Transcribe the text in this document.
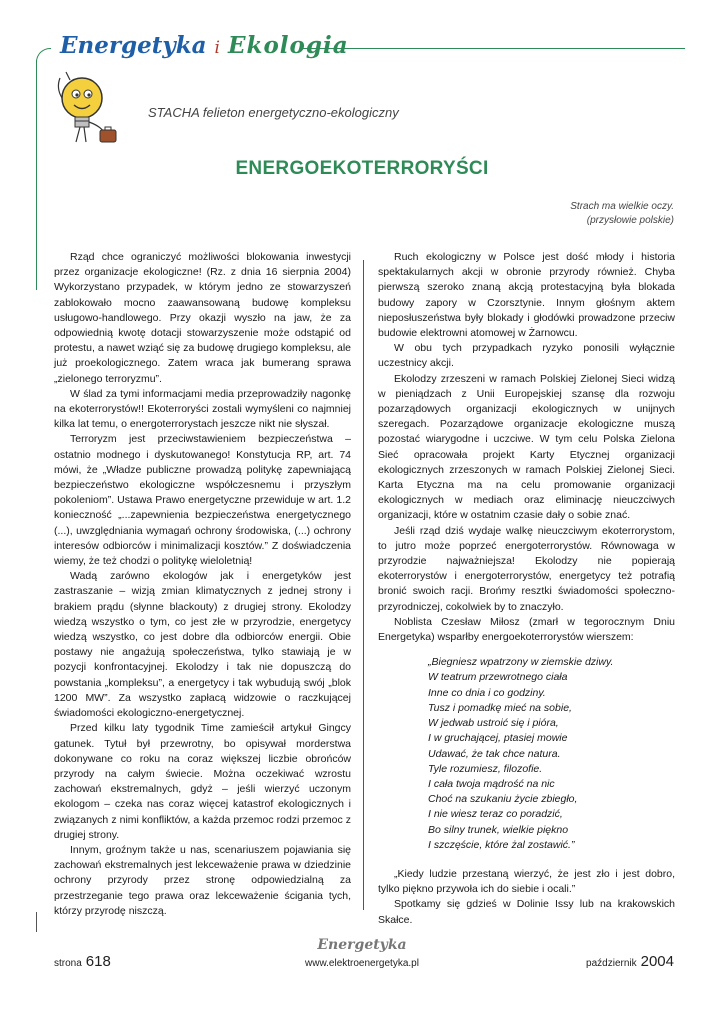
Energetyka i Ekologia
STACHA felieton energetyczno-ekologiczny
ENERGOEKOTERRORYŚCI
Strach ma wielkie oczy.
(przysłowie polskie)

Rząd chce ograniczyć możliwości blokowania inwestycji przez organizacje ekologiczne! (Rz. z dnia 16 sierpnia 2004) Wykorzystano przypadek, w którym jedno ze stowarzyszeń zablokowało mocno zaawansowaną budowę kompleksu usługowo-handlowego. Przy okazji wyszło na jaw, że za odpowiednią kwotę dotacji stowarzyszenie może odstąpić od protestu, a nawet wziąć się za budowę drugiego kompleksu, ale już proekologicznego. Zatem wraca jak bumerang sprawa „zielonego terroryzmu”.

W ślad za tymi informacjami media przeprowadziły nagonkę na ekoterrorystów!! Ekoterroryści zostali wymyśleni co najmniej kilka lat temu, o energoterrorystach jeszcze nikt nie słyszał.

Terroryzm jest przeciwstawieniem bezpieczeństwa – ostatnio modnego i dyskutowanego! Konstytucja RP, art. 74 mówi, że „Władze publiczne prowadzą politykę zapewniającą bezpieczeństwo ekologiczne współczesnemu i przyszłym pokoleniom”. Ustawa Prawo energetyczne przewiduje w art. 1.2 konieczność „...zapewnienia bezpieczeństwa energetycznego (...), uwzględniania wymagań ochrony środowiska, (...) ochrony interesów odbiorców i minimalizacji kosztów.” Z doświadczenia wiemy, że też chodzi o politykę wieloletnią!

Wadą zarówno ekologów jak i energetyków jest zastraszanie – wizją zmian klimatycznych z jednej strony i brakiem prądu (słynne blackouty) z drugiej strony. Ekolodzy wiedzą wszystko o tym, co jest złe w przyrodzie, energetycy wiedzą wszystko, co jest dobre dla odbiorców energii. Obie postawy nie angażują społeczeństwa, tylko stawiają je w pozycji konfrontacyjnej. Ekolodzy i tak nie dopuszczą do powstania „kompleksu”, a energetycy i tak wybudują swój „blok 1200 MW”. Za wszystko zapłacą widzowie o raczkującej świadomości ekologiczno-energetycznej.

Przed kilku laty tygodnik Time zamieścił artykuł Gingcy gatunek. Tytuł był przewrotny, bo opisywał morderstwa dokonywane co roku na coraz większej liczbie obrońców przyrody na całym świecie. Można oczekiwać wzrostu zachowań ekstremalnych, gdyż – jeśli wierzyć uczonym ekologom – czeka nas coraz więcej katastrof ekologicznych i związanych z nimi konfliktów, a każda przemoc rodzi przemoc z drugiej strony.

Innym, groźnym także u nas, scenariuszem pojawiania się zachowań ekstremalnych jest lekceważenie prawa w dziedzinie ochrony przyrody przez stronę odpowiedzialną za przestrzeganie tego prawa oraz lekceważenie ścigania tych, którzy przyrodę niszczą.

Ruch ekologiczny w Polsce jest dość młody i historia spektakularnych akcji w obronie przyrody również. Chyba pierwszą szeroko znaną akcją protestacyjną była blokada budowy zapory w Czorsztynie. Innym głośnym aktem nieposłuszeństwa były blokady i głodówki prowadzone przeciw budowie elektrowni atomowej w Żarnowcu.

W obu tych przypadkach ryzyko ponosili wyłącznie uczestnicy akcji.

Ekolodzy zrzeszeni w ramach Polskiej Zielonej Sieci widzą w pieniądzach z Unii Europejskiej szansę dla rozwoju pozarządowych organizacji ekologicznych w unijnych szeregach. Pozarządowe organizacje ekologiczne muszą pozostać wiarygodne i uczciwe. W tym celu Polska Zielona Sieć opracowała projekt Karty Etycznej organizacji ekologicznych zrzeszonych w ramach Polskiej Zielonej Sieci. Karta Etyczna ma na celu promowanie organizacji ekologicznych w mediach oraz eliminację nieuczciwych organizacji, które w ostatnim czasie dały o sobie znać.

Jeśli rząd dziś wydaje walkę nieuczciwym ekoterrorystom, to jutro może poprzeć energoterrorystów. Równowaga w przyrodzie najważniejsza! Ekolodzy nie popierają ekoterrorystów i energoterrorystów, energetycy też potrafią bronić swoich racji. Brońmy resztki świadomości społeczno-przyrodniczej, cokolwiek by to znaczyło.

Noblista Czesław Miłosz (zmarł w tegorocznym Dniu Energetyka) wsparłby energoekoterrorystów wierszem:

„Biegniesz wpatrzony w ziemskie dziwy.
W teatrum przewrotnego ciała
Inne co dnia i co godziny.
Tusz i pomadkę mieć na sobie,
W jedwab ustroić się i pióra,
I w gruchającej, ptasiej mowie
Udawać, że tak chce natura.
Tyle rozumiesz, filozofie.
I cała twoja mądrość na nic
Choć na szukaniu życie zbiegło,
I nie wiesz teraz co poradzić,
Bo silny trunek, wielkie piękno
I szczęście, które żal zostawić.”

„Kiedy ludzie przestaną wierzyć, że jest zło i jest dobro, tylko piękno przywoła ich do siebie i ocali.”

Spotkamy się gdzieś w Dolinie Issy lub na krakowskich Skałce.

Energetyka
strona 618	www.elektroenergetyka.pl	październik 2004
